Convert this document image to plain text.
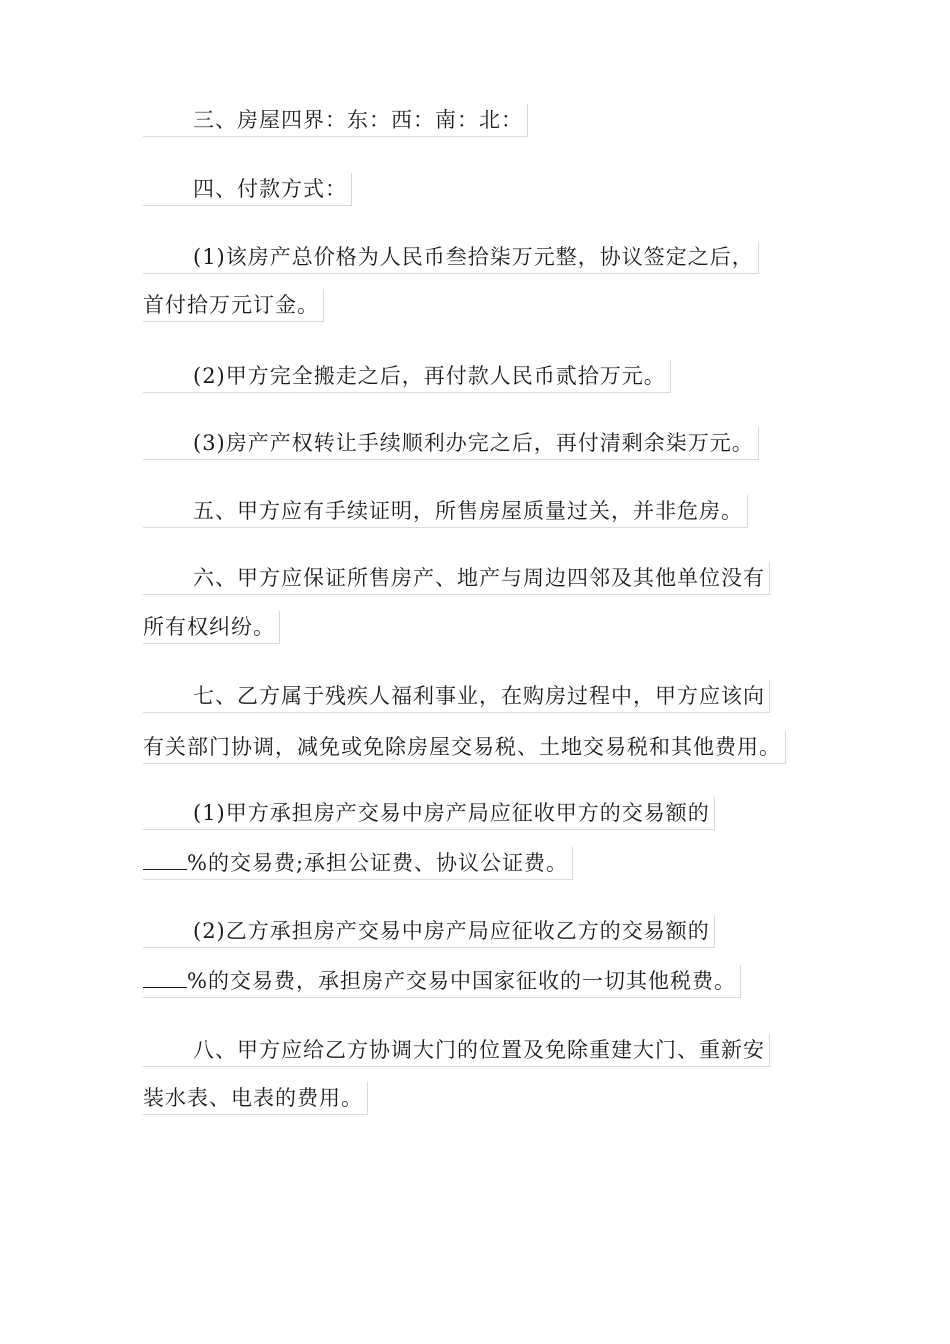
三、房屋四界：东：西：南：北：
四、付款方式：
(1)该房产总价格为人民币叁拾柒万元整，协议签定之后，
首付拾万元订金。
(2)甲方完全搬走之后，再付款人民币贰拾万元。
(3)房产产权转让手续顺利办完之后，再付清剩余柒万元。
五、甲方应有手续证明，所售房屋质量过关，并非危房。
六、甲方应保证所售房产、地产与周边四邻及其他单位没有
所有权纠纷。
七、乙方属于残疾人福利事业，在购房过程中，甲方应该向
有关部门协调，减免或免除房屋交易税、土地交易税和其他费用。
(1)甲方承担房产交易中房产局应征收甲方的交易额的
%的交易费;承担公证费、协议公证费。
(2)乙方承担房产交易中房产局应征收乙方的交易额的
%的交易费，承担房产交易中国家征收的一切其他税费。
八、甲方应给乙方协调大门的位置及免除重建大门、重新安
装水表、电表的费用。
